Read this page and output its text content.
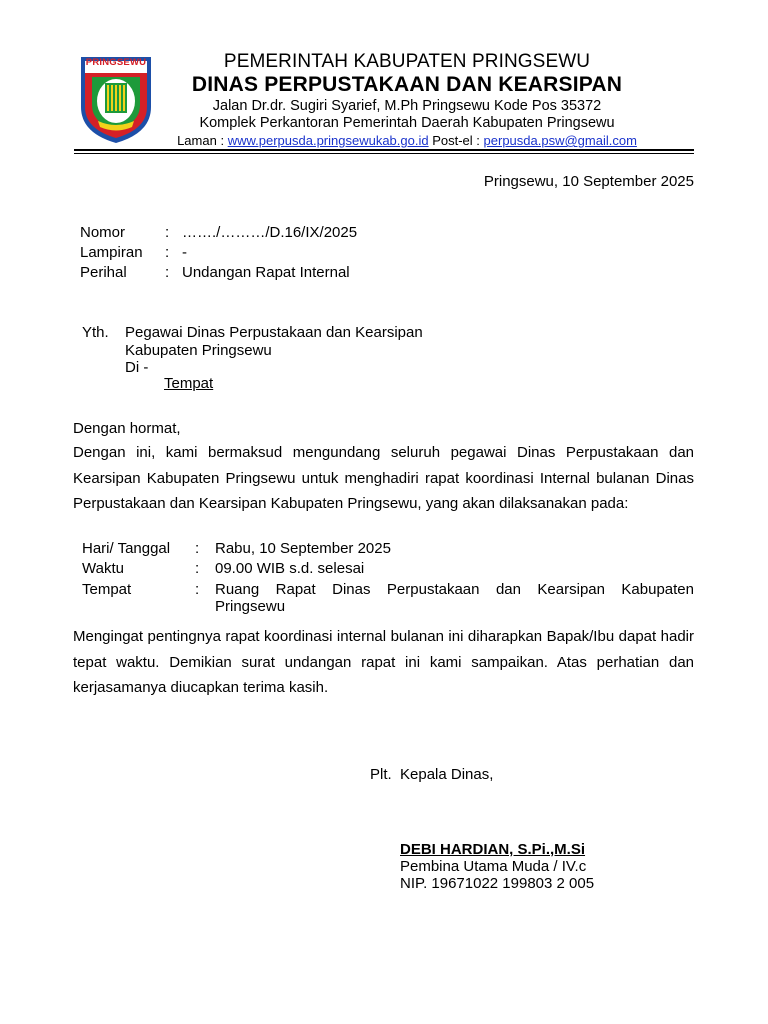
PRINGSEWU	PEMERINTAH KABUPATEN PRINGSEWU
DINAS PERPUSTAKAAN DAN KEARSIPAN
Jalan Dr.dr. Sugiri Syarief, M.Ph Pringsewu Kode Pos 35372
Komplek Perkantoran Pemerintah Daerah Kabupaten Pringsewu
Laman : www.perpusda.pringsewukab.go.id Post-el : perpusda.psw@gmail.com
Pringsewu, 10 September 2025
Nomor	: ……./………/D.16/IX/2025
Lampiran : -
Perihal	: Undangan Rapat Internal
Yth. Pegawai Dinas Perpustakaan dan Kearsipan
Kabupaten Pringsewu
Di -
Tempat
Dengan hormat,
Dengan ini, kami bermaksud mengundang seluruh pegawai Dinas Perpustakaan dan Kearsipan Kabupaten Pringsewu untuk menghadiri rapat koordinasi Internal bulanan Dinas Perpustakaan dan Kearsipan Kabupaten Pringsewu, yang akan dilaksanakan pada:
Hari/ Tanggal : Rabu, 10 September 2025
Waktu	: 09.00 WIB s.d. selesai
Tempat	: Ruang Rapat Dinas Perpustakaan dan Kearsipan Kabupaten Pringsewu
Mengingat pentingnya rapat koordinasi internal bulanan ini diharapkan Bapak/Ibu dapat hadir tepat waktu. Demikian surat undangan rapat ini kami sampaikan. Atas perhatian dan kerjasamanya diucapkan terima kasih.
Plt. Kepala Dinas,
DEBI HARDIAN, S.Pi.,M.Si
Pembina Utama Muda / IV.c
NIP. 19671022 199803 2 005
